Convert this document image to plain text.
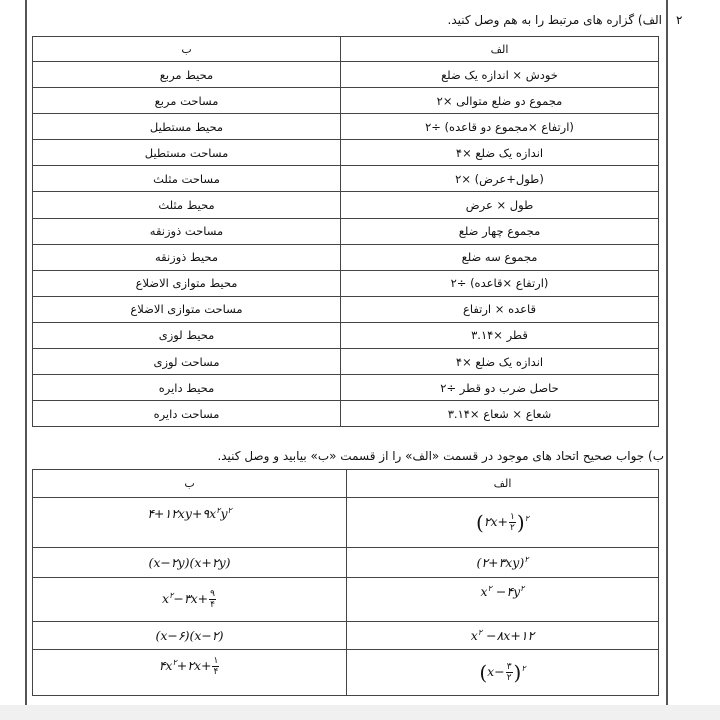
۲
الف) گزاره های مرتبط را به هم وصل کنید.
ب	الف
محیط مربع	خودش × اندازه یک ضلع
مساحت مربع	مجموع دو ضلع متوالی ×۲
محیط مستطیل	(ارتفاع ×مجموع دو قاعده) ÷۲
مساحت مستطیل	اندازه یک ضلع ×۴
مساحت مثلث	(طول+عرض) ×۲
محیط مثلث	طول × عرض
مساحت ذوزنقه	مجموع چهار ضلع
محیط ذوزنقه	مجموع سه ضلع
محیط متوازی الاضلاع	(ارتفاع ×قاعده) ÷۲
مساحت متوازی الاضلاع	قاعده × ارتفاع
محیط لوزی	قطر ×۳.۱۴
مساحت لوزی	اندازه یک ضلع ×۴
محیط دایره	حاصل ضرب دو قطر ÷۲
مساحت دایره	شعاع × شعاع ×۳.۱۴
ب) جواب صحیح اتحاد های موجود در قسمت «الف» را از قسمت «ب» بیابید و وصل کنید.
ب	الف
$۴+۱۲xy+۹x^۲y^۲$	(۲x+ $\frac{۱}{۲} )^۲$
(x−۲y)(x+۲y)	(۲+۳xy)$^۲$
$x^۲-۳x+ \frac{۹}{۴}$	$x^۲$ $-۴y^۲$
(x−۶)(x−۲)	$x^۲$ −۸x+۱۲
$۴x^۲+۲x+ \frac{۱}{۴}$	$(x- \frac{۳}{۲} )^۲$
